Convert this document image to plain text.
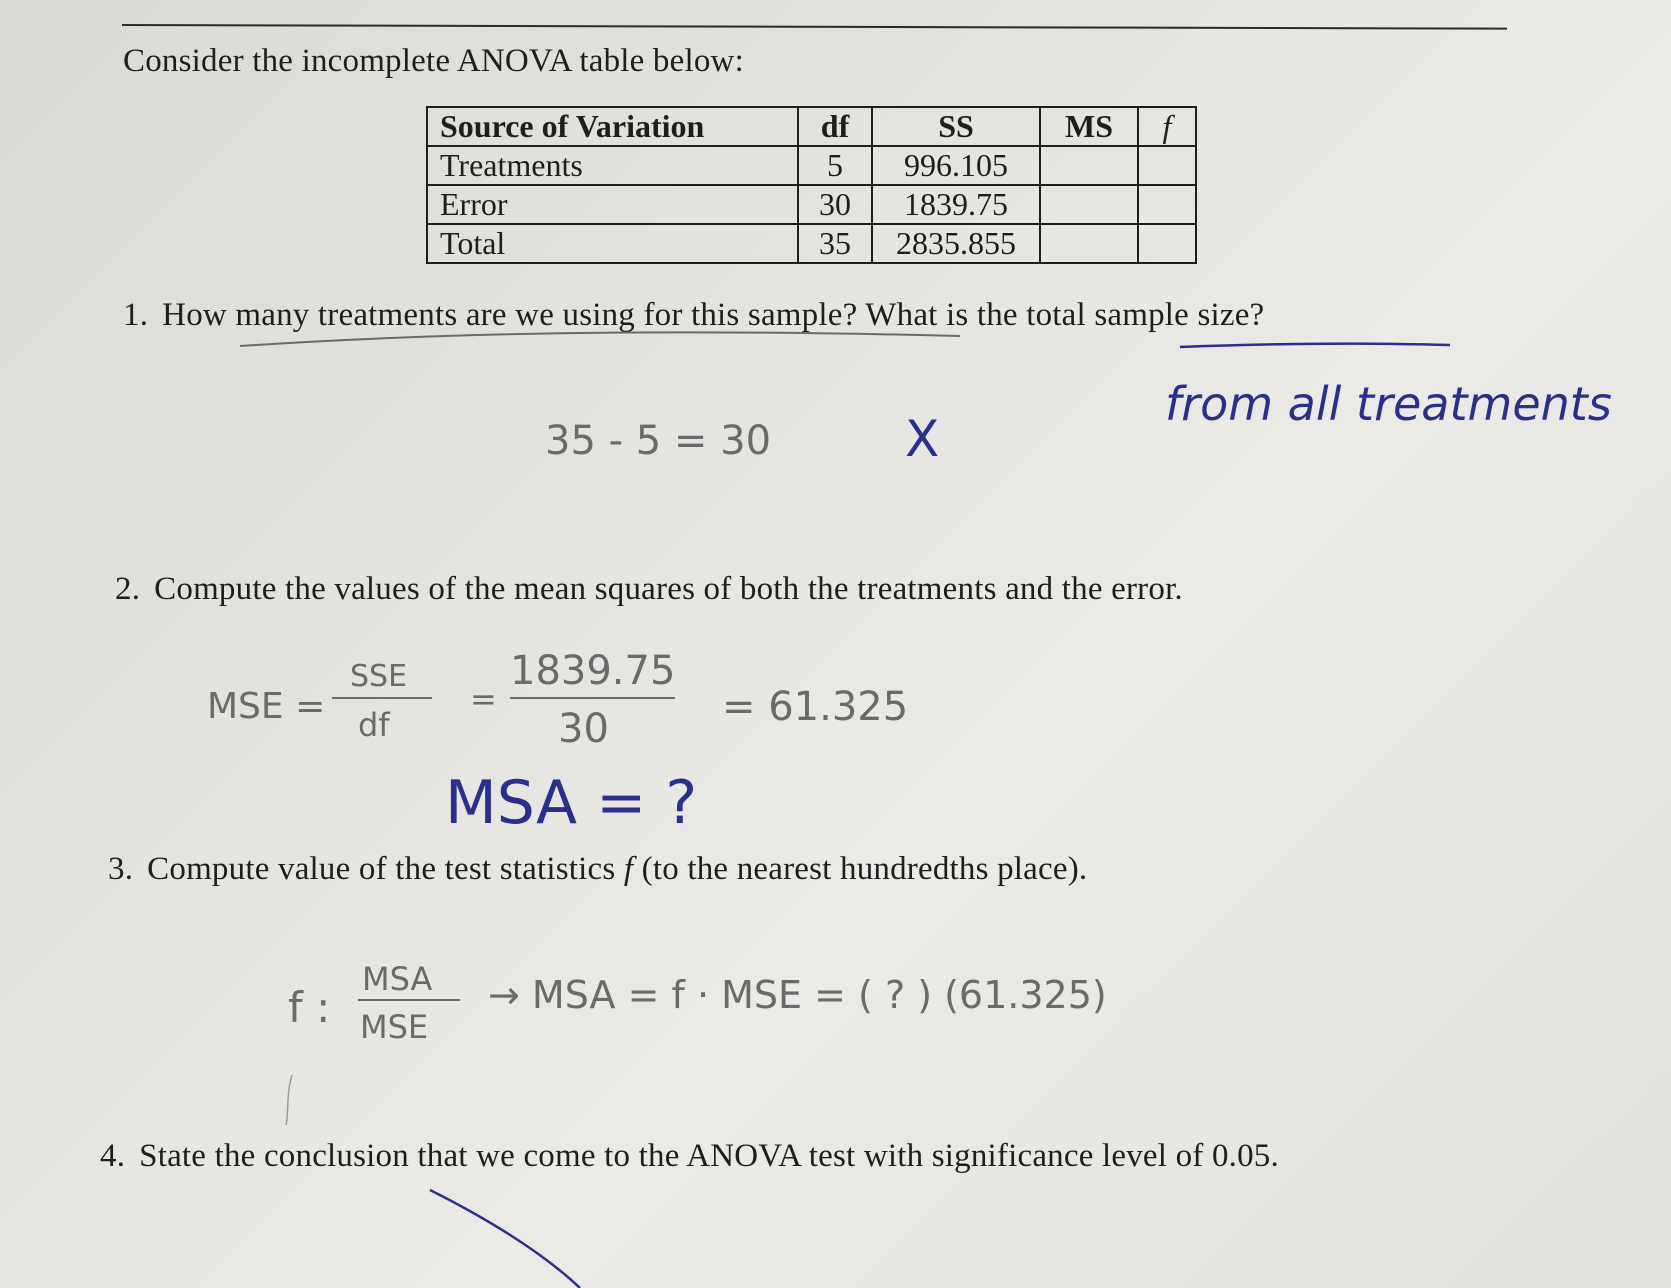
Consider the incomplete ANOVA table below:
Source of Variation	df	SS	MS	f
Treatments	5	996.105		
Error	30	1839.75		
Total	35	2835.855		
1. How many treatments are we using for this sample? What is the total sample size?
2. Compute the values of the mean squares of both the treatments and the error.
3. Compute value of the test statistics f (to the nearest hundredths place).
4. State the conclusion that we come to the ANOVA test with significance level of 0.05.
35 - 5 = 30	X
from all treatments
MSE =
SSE
df
=
1839.75
30	= 61.325
MSA = ?
f :
MSA
MSE
→ MSA = f · MSE = ( ? ) (61.325)
